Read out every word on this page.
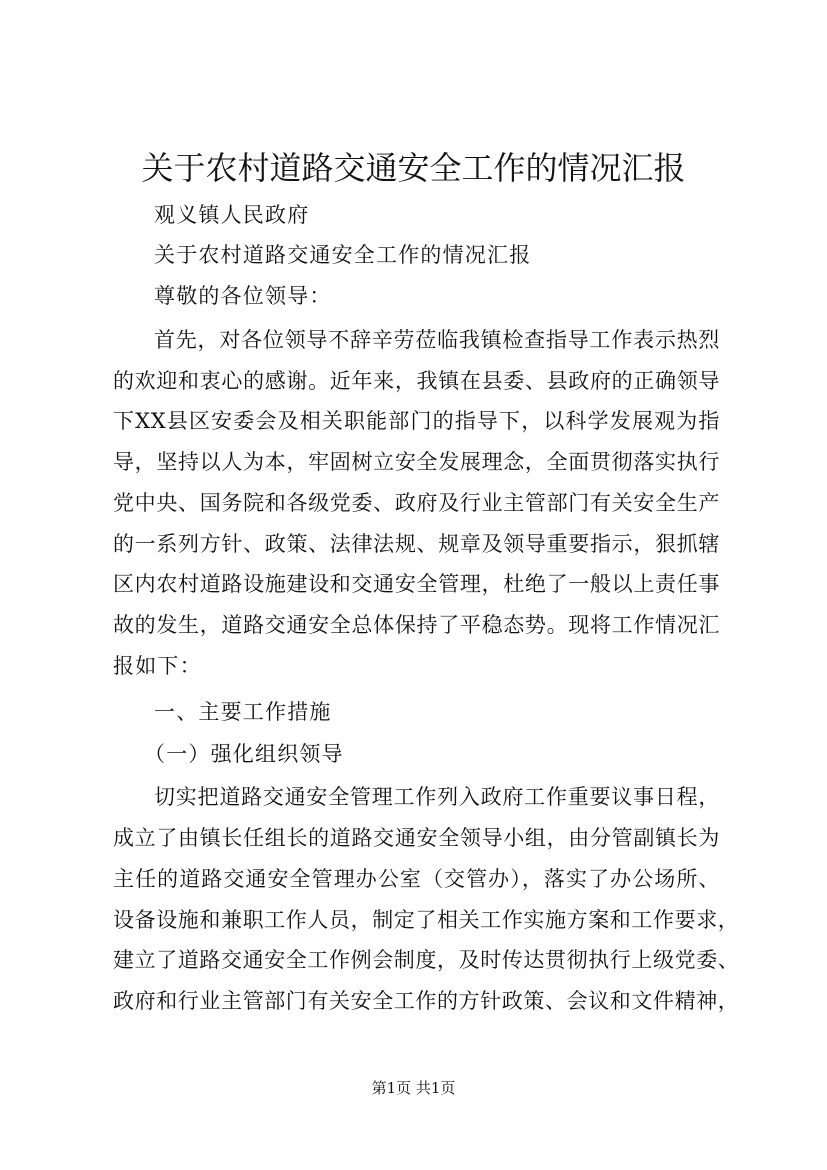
关于农村道路交通安全工作的情况汇报
观义镇人民政府
关于农村道路交通安全工作的情况汇报
尊敬的各位领导：
首先，对各位领导不辞辛劳莅临我镇检查指导工作表示热烈
的欢迎和衷心的感谢。近年来，我镇在县委、县政府的正确领导
下XX县区安委会及相关职能部门的指导下，以科学发展观为指
导，坚持以人为本，牢固树立安全发展理念，全面贯彻落实执行
党中央、国务院和各级党委、政府及行业主管部门有关安全生产
的一系列方针、政策、法律法规、规章及领导重要指示，狠抓辖
区内农村道路设施建设和交通安全管理，杜绝了一般以上责任事
故的发生，道路交通安全总体保持了平稳态势。现将工作情况汇
报如下：
一、主要工作措施
（一）强化组织领导
切实把道路交通安全管理工作列入政府工作重要议事日程，
成立了由镇长任组长的道路交通安全领导小组，由分管副镇长为
主任的道路交通安全管理办公室（交管办），落实了办公场所、
设备设施和兼职工作人员，制定了相关工作实施方案和工作要求，
建立了道路交通安全工作例会制度，及时传达贯彻执行上级党委、
政府和行业主管部门有关安全工作的方针政策、会议和文件精神，
第1页 共1页
